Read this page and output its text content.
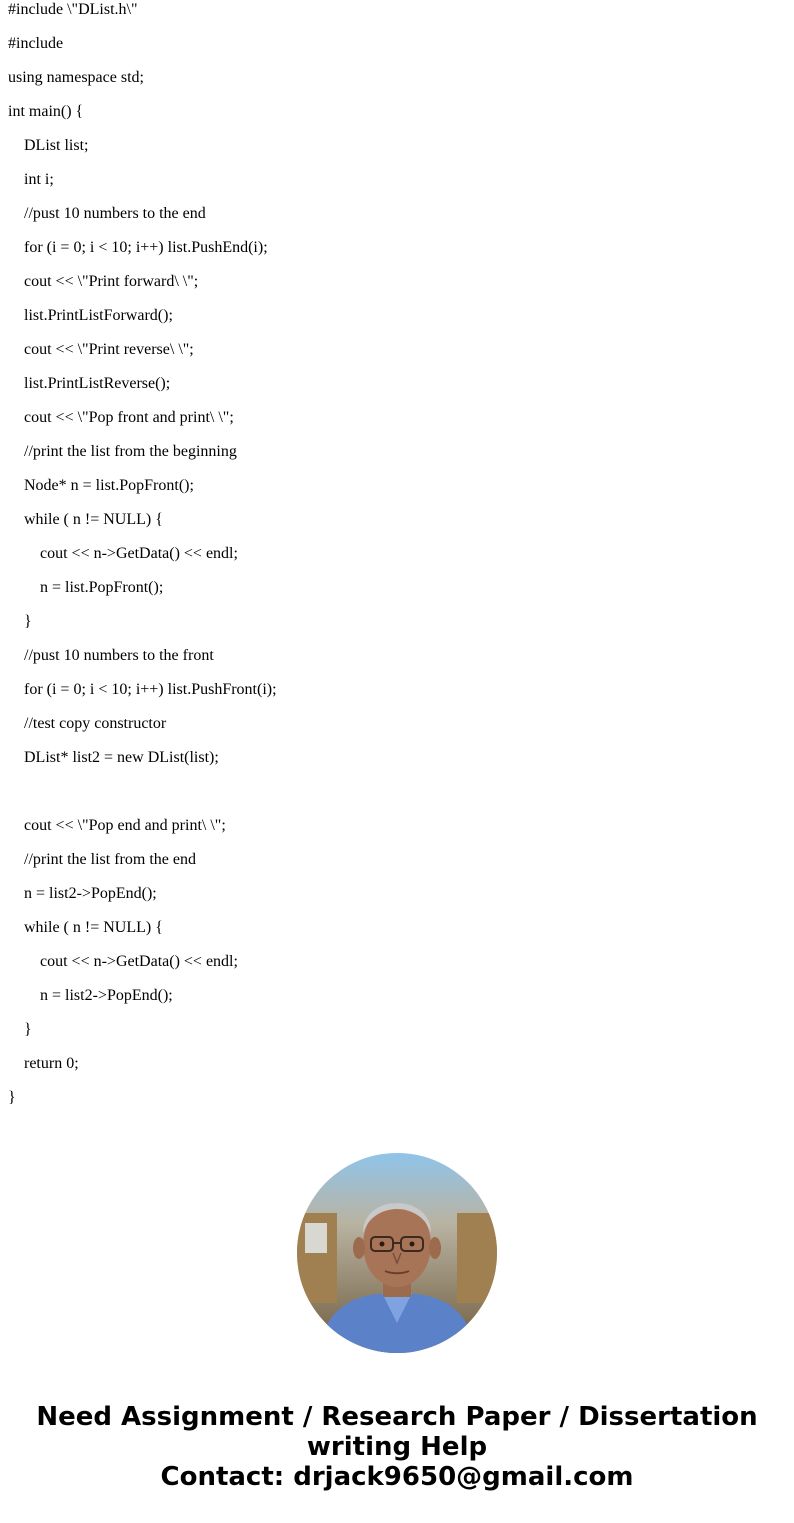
#include \"DList.h\"
#include
using namespace std;
int main() {
DList list;
int i;
//pust 10 numbers to the end
for (i = 0; i < 10; i++) list.PushEnd(i);
cout << \"Print forward\ \";
list.PrintListForward();
cout << \"Print reverse\ \";
list.PrintListReverse();
cout << \"Pop front and print\ \";
//print the list from the beginning
Node* n = list.PopFront();
while ( n != NULL) {
cout << n->GetData() << endl;
n = list.PopFront();
}
//pust 10 numbers to the front
for (i = 0; i < 10; i++) list.PushFront(i);
//test copy constructor
DList* list2 = new DList(list);
cout << \"Pop end and print\ \";
//print the list from the end
n = list2->PopEnd();
while ( n != NULL) {
cout << n->GetData() << endl;
n = list2->PopEnd();
}
return 0;
}
Need Assignment / Research Paper / Dissertation
writing Help
Contact: drjack9650@gmail.com
